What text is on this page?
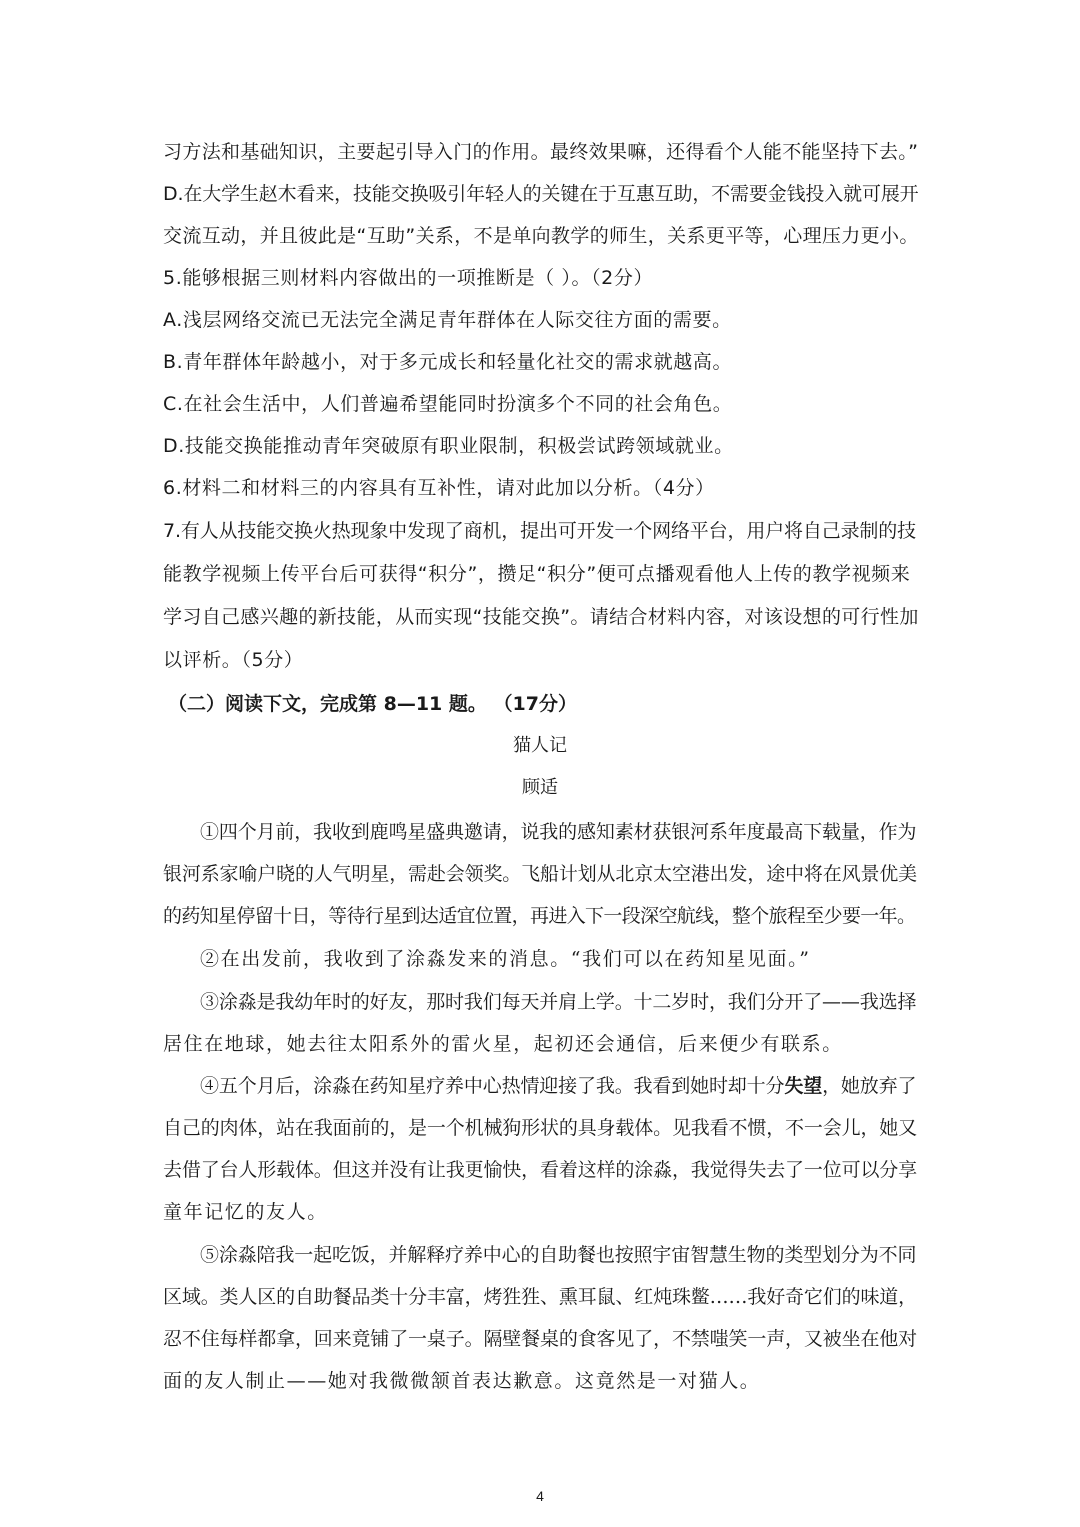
习方法和基础知识，主要起引导入门的作用。最终效果嘛，还得看个人能不能坚持下去。”
D.在大学生赵木看来，技能交换吸引年轻人的关键在于互惠互助，不需要金钱投入就可展开
交流互动，并且彼此是“互助”关系，不是单向教学的师生，关系更平等，心理压力更小。
5.能够根据三则材料内容做出的一项推断是（ ）。（2分）
A.浅层网络交流已无法完全满足青年群体在人际交往方面的需要。
B.青年群体年龄越小，对于多元成长和轻量化社交的需求就越高。
C.在社会生活中，人们普遍希望能同时扮演多个不同的社会角色。
D.技能交换能推动青年突破原有职业限制，积极尝试跨领域就业。
6.材料二和材料三的内容具有互补性，请对此加以分析。（4分）
7.有人从技能交换火热现象中发现了商机，提出可开发一个网络平台，用户将自己录制的技
能教学视频上传平台后可获得“积分”，攒足“积分”便可点播观看他人上传的教学视频来
学习自己感兴趣的新技能，从而实现“技能交换”。请结合材料内容，对该设想的可行性加
以评析。（5分）
（二）阅读下文，完成第 8—11 题。 （17分）
猫人记
顾适
①四个月前，我收到鹿鸣星盛典邀请，说我的感知素材获银河系年度最高下载量，作为
银河系家喻户晓的人气明星，需赴会领奖。飞船计划从北京太空港出发，途中将在风景优美
的药知星停留十日，等待行星到达适宜位置，再进入下一段深空航线，整个旅程至少要一年。
②在出发前，我收到了涂淼发来的消息。“我们可以在药知星见面。”
③涂淼是我幼年时的好友，那时我们每天并肩上学。十二岁时，我们分开了——我选择
居住在地球，她去往太阳系外的雷火星，起初还会通信，后来便少有联系。
④五个月后，涂淼在药知星疗养中心热情迎接了我。我看到她时却十分失望，她放弃了
自己的肉体，站在我面前的，是一个机械狗形状的具身载体。见我看不惯，不一会儿，她又
去借了台人形载体。但这并没有让我更愉快，看着这样的涂淼，我觉得失去了一位可以分享
童年记忆的友人。
⑤涂淼陪我一起吃饭，并解释疗养中心的自助餐也按照宇宙智慧生物的类型划分为不同
区域。类人区的自助餐品类十分丰富，烤狌狌、熏耳鼠、红炖珠鳖……我好奇它们的味道，
忍不住每样都拿，回来竟铺了一桌子。隔壁餐桌的食客见了，不禁嗤笑一声，又被坐在他对
面的友人制止——她对我微微颔首表达歉意。这竟然是一对猫人。
4
